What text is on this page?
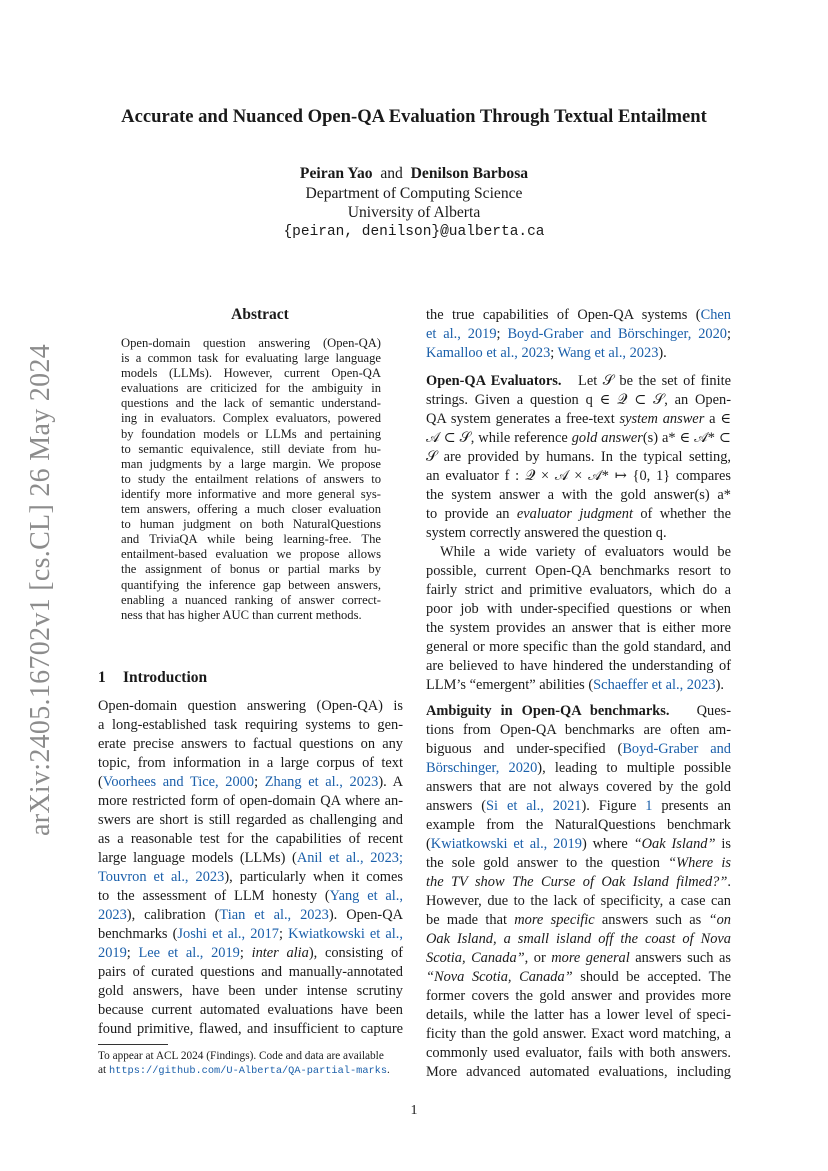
arXiv:2405.16702v1 [cs.CL] 26 May 2024
Accurate and Nuanced Open-QA Evaluation Through Textual Entailment
Peiran Yao and Denilson Barbosa
Department of Computing Science
University of Alberta
{peiran, denilson}@ualberta.ca
Abstract
Open-domain question answering (Open-QA)
is a common task for evaluating large language
models (LLMs). However, current Open-QA
evaluations are criticized for the ambiguity in
questions and the lack of semantic understand-
ing in evaluators. Complex evaluators, powered
by foundation models or LLMs and pertaining
to semantic equivalence, still deviate from hu-
man judgments by a large margin. We propose
to study the entailment relations of answers to
identify more informative and more general sys-
tem answers, offering a much closer evaluation
to human judgment on both NaturalQuestions
and TriviaQA while being learning-free. The
entailment-based evaluation we propose allows
the assignment of bonus or partial marks by
quantifying the inference gap between answers,
enabling a nuanced ranking of answer correct-
ness that has higher AUC than current methods.
1 Introduction
Open-domain question answering (Open-QA) is
a long-established task requiring systems to gen-
erate precise answers to factual questions on any
topic, from information in a large corpus of text
(Voorhees and Tice, 2000; Zhang et al., 2023). A
more restricted form of open-domain QA where an-
swers are short is still regarded as challenging and
as a reasonable test for the capabilities of recent
large language models (LLMs) (Anil et al., 2023;
Touvron et al., 2023), particularly when it comes
to the assessment of LLM honesty (Yang et al.,
2023), calibration (Tian et al., 2023). Open-QA
benchmarks (Joshi et al., 2017; Kwiatkowski et al.,
2019; Lee et al., 2019; inter alia), consisting of
pairs of curated questions and manually-annotated
gold answers, have been under intense scrutiny
because current automated evaluations have been
found primitive, flawed, and insufficient to capture
To appear at ACL 2024 (Findings). Code and data are available
at https://github.com/U-Alberta/QA-partial-marks.
the true capabilities of Open-QA systems (Chen
et al., 2019; Boyd-Graber and Börschinger, 2020;
Kamalloo et al., 2023; Wang et al., 2023).
Open-QA Evaluators. Let 𝒮 be the set of finite
strings. Given a question q ∈ 𝒬 ⊂ 𝒮, an Open-
QA system generates a free-text system answer a ∈
𝒜 ⊂ 𝒮, while reference gold answer(s) a* ∈ 𝒜* ⊂
𝒮 are provided by humans. In the typical setting,
an evaluator f : 𝒬 × 𝒜 × 𝒜* ↦ {0, 1} compares
the system answer a with the gold answer(s) a*
to provide an evaluator judgment of whether the
system correctly answered the question q.
While a wide variety of evaluators would be
possible, current Open-QA benchmarks resort to
fairly strict and primitive evaluators, which do a
poor job with under-specified questions or when
the system provides an answer that is either more
general or more specific than the gold standard, and
are believed to have hindered the understanding of
LLM’s “emergent” abilities (Schaeffer et al., 2023).
Ambiguity in Open-QA benchmarks. Ques-
tions from Open-QA benchmarks are often am-
biguous and under-specified (Boyd-Graber and
Börschinger, 2020), leading to multiple possible
answers that are not always covered by the gold
answers (Si et al., 2021). Figure 1 presents an
example from the NaturalQuestions benchmark
(Kwiatkowski et al., 2019) where “Oak Island” is
the sole gold answer to the question “Where is
the TV show The Curse of Oak Island filmed?”.
However, due to the lack of specificity, a case can
be made that more specific answers such as “on
Oak Island, a small island off the coast of Nova
Scotia, Canada”, or more general answers such as
“Nova Scotia, Canada” should be accepted. The
former covers the gold answer and provides more
details, while the latter has a lower level of speci-
ficity than the gold answer. Exact word matching, a
commonly used evaluator, fails with both answers.
More advanced automated evaluations, including
1
